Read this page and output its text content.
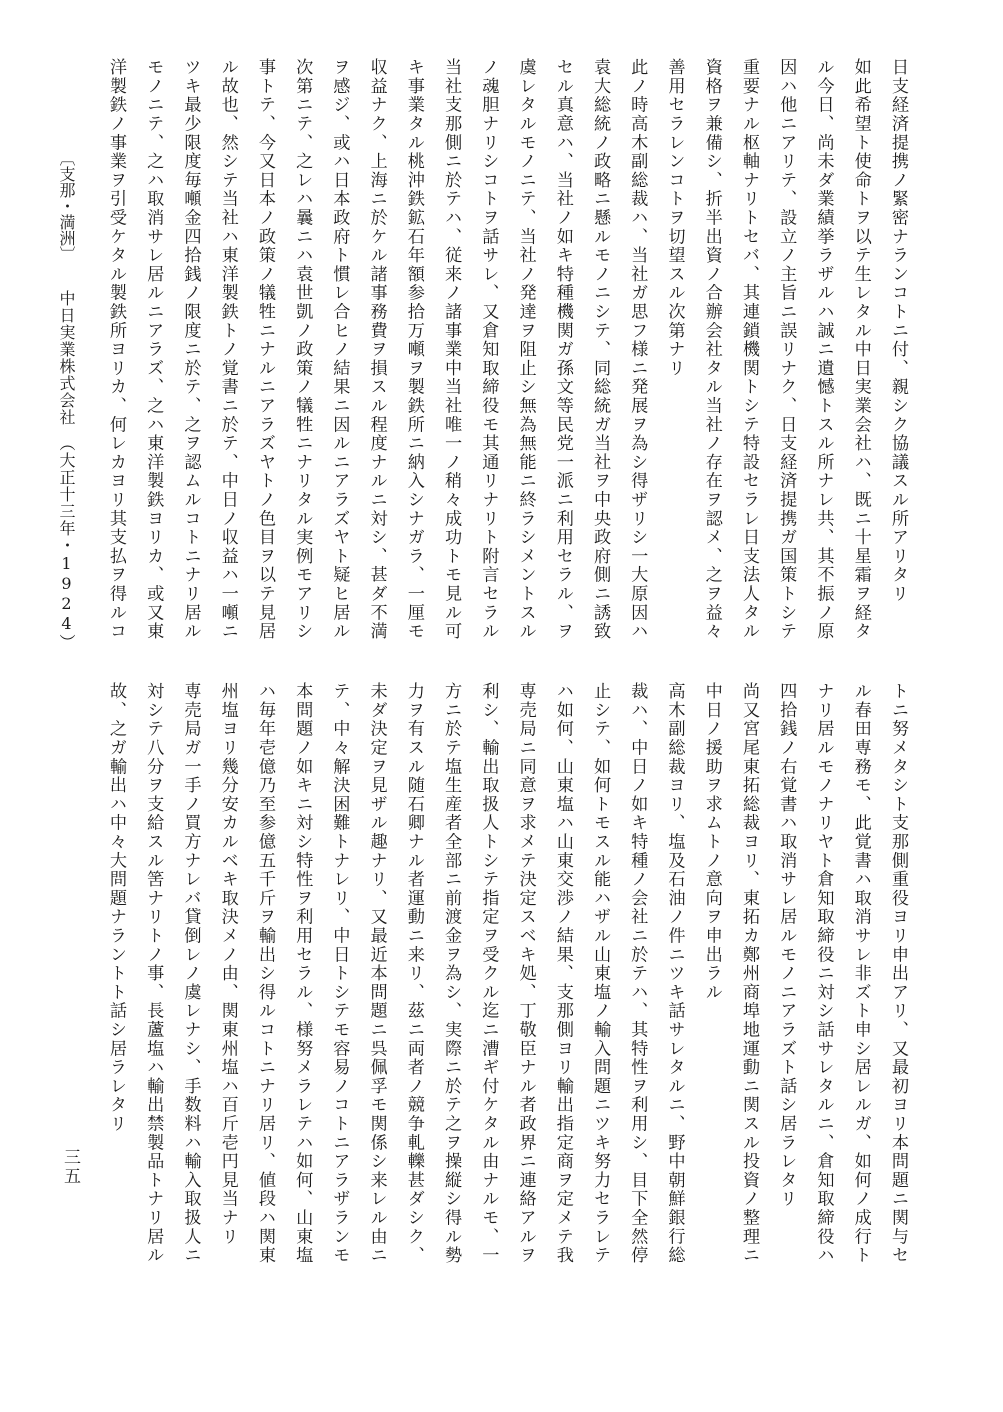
日支経済提携ノ緊密ナランコトニ付、親シク協議スル所アリタリ
如此希望ト使命トヲ以テ生レタル中日実業会社ハ、既ニ十星霜ヲ経タ
ル今日、尚未ダ業績挙ラザルハ誠ニ遺憾トスル所ナレ共、其不振ノ原
因ハ他ニアリテ、設立ノ主旨ニ誤リナク、日支経済提携ガ国策トシテ
重要ナル枢軸ナリトセバ、其連鎖機関トシテ特設セラレ日支法人タル
資格ヲ兼備シ、折半出資ノ合辦会社タル当社ノ存在ヲ認メ、之ヲ益々
善用セラレンコトヲ切望スル次第ナリ
此ノ時高木副総裁ハ、当社ガ思フ様ニ発展ヲ為シ得ザリシ一大原因ハ
袁大総統ノ政略ニ懸ルモノニシテ、同総統ガ当社ヲ中央政府側ニ誘致
セル真意ハ、当社ノ如キ特種機関ガ孫文等民党一派ニ利用セラル、ヲ
虞レタルモノニテ、当社ノ発達ヲ阻止シ無為無能ニ終ラシメントスル
ノ魂胆ナリシコトヲ話サレ、又倉知取締役モ其通リナリト附言セラル
当社支那側ニ於テハ、従来ノ諸事業中当社唯一ノ稍々成功トモ見ル可
キ事業タル桃沖鉄鉱石年額参拾万噸ヲ製鉄所ニ納入シナガラ、一厘モ
収益ナク、上海ニ於ケル諸事務費ヲ損スル程度ナルニ対シ、甚ダ不満
ヲ感ジ、或ハ日本政府ト慣レ合ヒノ結果ニ因ルニアラズヤト疑ヒ居ル
次第ニテ、之レハ曩ニハ袁世凱ノ政策ノ犠牲ニナリタル実例モアリシ
事トテ、今又日本ノ政策ノ犠牲ニナルニアラズヤトノ色目ヲ以テ見居
ル故也、然シテ当社ハ東洋製鉄トノ覚書ニ於テ、中日ノ収益ハ一噸ニ
ツキ最少限度毎噸金四拾銭ノ限度ニ於テ、之ヲ認ムルコトニナリ居ル
モノニテ、之ハ取消サレ居ルニアラズ、之ハ東洋製鉄ヨリカ、或又東
洋製鉄ノ事業ヲ引受ケタル製鉄所ヨリカ、何レカヨリ其支払ヲ得ルコ
トニ努メタシト支那側重役ヨリ申出アリ、又最初ヨリ本問題ニ関与セ
ル春田専務モ、此覚書ハ取消サレ非ズト申シ居レルガ、如何ノ成行ト
ナリ居ルモノナリヤト倉知取締役ニ対シ話サレタルニ、倉知取締役ハ
四拾銭ノ右覚書ハ取消サレ居ルモノニアラズト話シ居ラレタリ
尚又宮尾東拓総裁ヨリ、東拓カ鄭州商埠地運動ニ関スル投資ノ整理ニ
中日ノ援助ヲ求ムトノ意向ヲ申出ラル
高木副総裁ヨリ、塩及石油ノ件ニツキ話サレタルニ、野中朝鮮銀行総
裁ハ、中日ノ如キ特種ノ会社ニ於テハ、其特性ヲ利用シ、目下全然停
止シテ、如何トモスル能ハザル山東塩ノ輸入問題ニツキ努力セラレテ
ハ如何、山東塩ハ山東交渉ノ結果、支那側ヨリ輸出指定商ヲ定メテ我
専売局ニ同意ヲ求メテ決定スベキ処、丁敬臣ナル者政界ニ連絡アルヲ
利シ、輸出取扱人トシテ指定ヲ受クル迄ニ漕ギ付ケタル由ナルモ、一
方ニ於テ塩生産者全部ニ前渡金ヲ為シ、実際ニ於テ之ヲ操縦シ得ル勢
力ヲ有スル随石卿ナル者運動ニ来リ、茲ニ両者ノ競争軋轢甚ダシク、
未ダ決定ヲ見ザル趣ナリ、又最近本問題ニ呉佩孚モ関係シ来レル由ニ
テ、中々解決困難トナレリ、中日トシテモ容易ノコトニアラザランモ
本問題ノ如キニ対シ特性ヲ利用セラル、様努メラレテハ如何、山東塩
ハ毎年壱億乃至参億五千斤ヲ輸出シ得ルコトニナリ居リ、値段ハ関東
州塩ヨリ幾分安カルベキ取決メノ由、関東州塩ハ百斤壱円見当ナリ
専売局ガ一手ノ買方ナレバ貸倒レノ虞レナシ、手数料ハ輸入取扱人ニ
対シテ八分ヲ支給スル筈ナリトノ事、長蘆塩ハ輸出禁製品トナリ居ル
故、之ガ輸出ハ中々大問題ナラントト話シ居ラレタリ
中日実業株式会社　（大正十三年・1924）
〔支那・満洲〕
三五
